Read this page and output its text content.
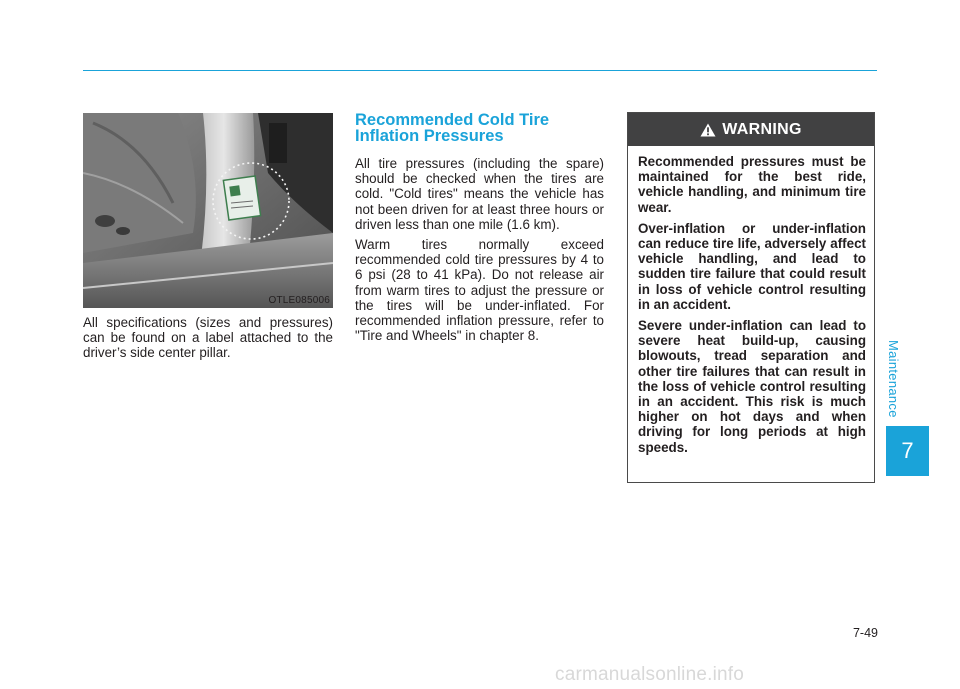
OTLE085006

All specifications (sizes and pressures) can be found on a label attached to the driver’s side center pillar.

Recommended Cold Tire
Inflation Pressures

All tire pressures (including the spare) should be checked when the tires are cold. "Cold tires" means the vehicle has not been driven for at least three hours or driven less than one mile (1.6 km).

Warm tires normally exceed recommended cold tire pressures by 4 to 6 psi (28 to 41 kPa). Do not release air from warm tires to adjust the pressure or the tires will be under-inflated. For recommended inflation pressure, refer to "Tire and Wheels" in chapter 8.

WARNING

Recommended pressures must be maintained for the best ride, vehicle handling, and minimum tire wear.

Over-inflation or under-inflation can reduce tire life, adversely affect vehicle handling, and lead to sudden tire failure that could result in loss of vehicle control resulting in an accident.

Severe under-inflation can lead to severe heat build-up, causing blowouts, tread separation and other tire failures that can result in the loss of vehicle control resulting in an accident. This risk is much higher on hot days and when driving for long periods at high speeds.

Maintenance
7
7-49
carmanualsonline.info
